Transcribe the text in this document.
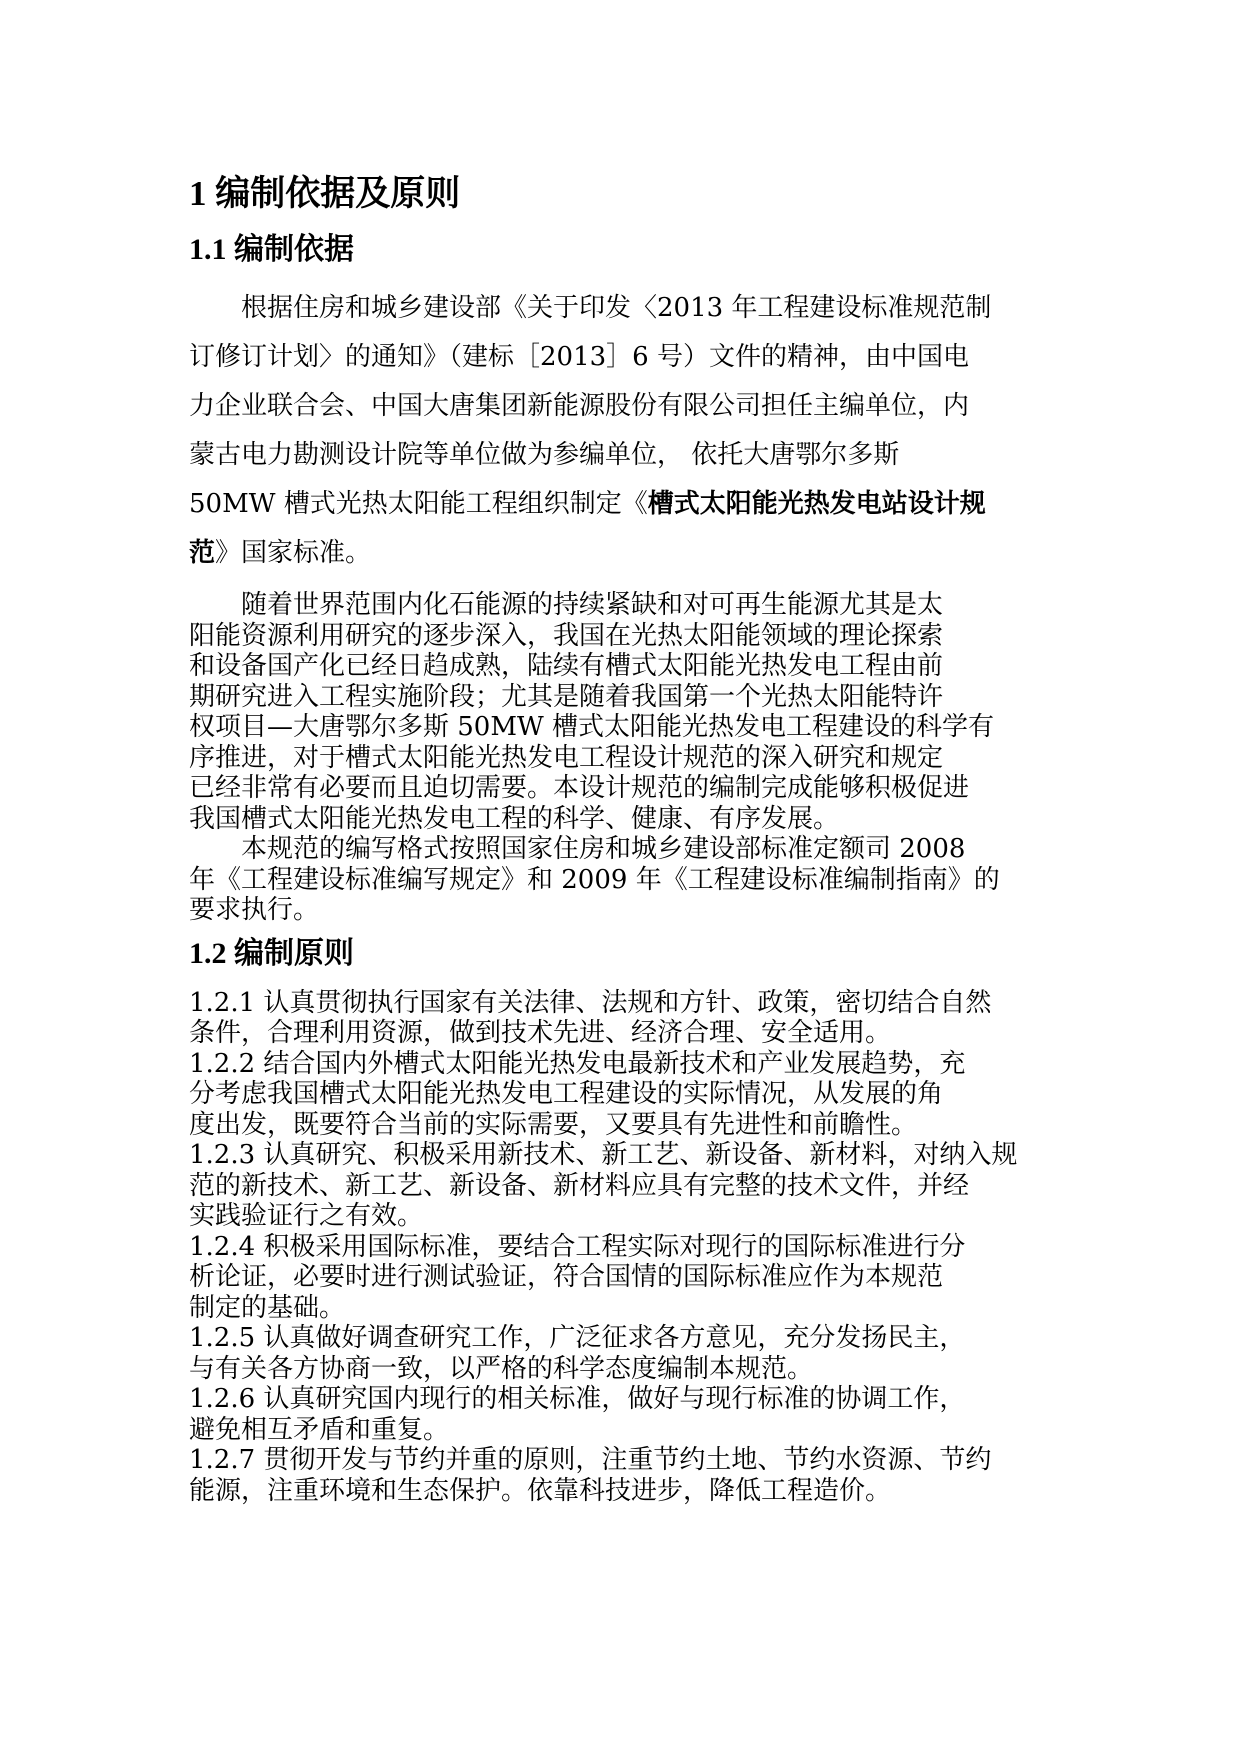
1 编制依据及原则
1.1 编制依据
根据住房和城乡建设部《关于印发〈2013 年工程建设标准规范制
订修订计划〉的通知》（建标［2013］6 号）文件的精神，由中国电
力企业联合会、中国大唐集团新能源股份有限公司担任主编单位，内
蒙古电力勘测设计院等单位做为参编单位， 依托大唐鄂尔多斯
50MW 槽式光热太阳能工程组织制定《槽式太阳能光热发电站设计规
范》国家标准。
随着世界范围内化石能源的持续紧缺和对可再生能源尤其是太
阳能资源利用研究的逐步深入，我国在光热太阳能领域的理论探索
和设备国产化已经日趋成熟，陆续有槽式太阳能光热发电工程由前
期研究进入工程实施阶段；尤其是随着我国第一个光热太阳能特许
权项目—大唐鄂尔多斯 50MW 槽式太阳能光热发电工程建设的科学有
序推进，对于槽式太阳能光热发电工程设计规范的深入研究和规定
已经非常有必要而且迫切需要。本设计规范的编制完成能够积极促进
我国槽式太阳能光热发电工程的科学、健康、有序发展。
本规范的编写格式按照国家住房和城乡建设部标准定额司 2008
年《工程建设标准编写规定》和 2009 年《工程建设标准编制指南》的
要求执行。
1.2 编制原则
1.2.1 认真贯彻执行国家有关法律、法规和方针、政策，密切结合自然
条件，合理利用资源，做到技术先进、经济合理、安全适用。
1.2.2 结合国内外槽式太阳能光热发电最新技术和产业发展趋势，充
分考虑我国槽式太阳能光热发电工程建设的实际情况，从发展的角
度出发，既要符合当前的实际需要，又要具有先进性和前瞻性。
1.2.3 认真研究、积极采用新技术、新工艺、新设备、新材料，对纳入规
范的新技术、新工艺、新设备、新材料应具有完整的技术文件，并经
实践验证行之有效。
1.2.4 积极采用国际标准，要结合工程实际对现行的国际标准进行分
析论证，必要时进行测试验证，符合国情的国际标准应作为本规范
制定的基础。
1.2.5 认真做好调查研究工作，广泛征求各方意见，充分发扬民主，
与有关各方协商一致，以严格的科学态度编制本规范。
1.2.6 认真研究国内现行的相关标准，做好与现行标准的协调工作，
避免相互矛盾和重复。
1.2.7 贯彻开发与节约并重的原则，注重节约土地、节约水资源、节约
能源，注重环境和生态保护。依靠科技进步，降低工程造价。
